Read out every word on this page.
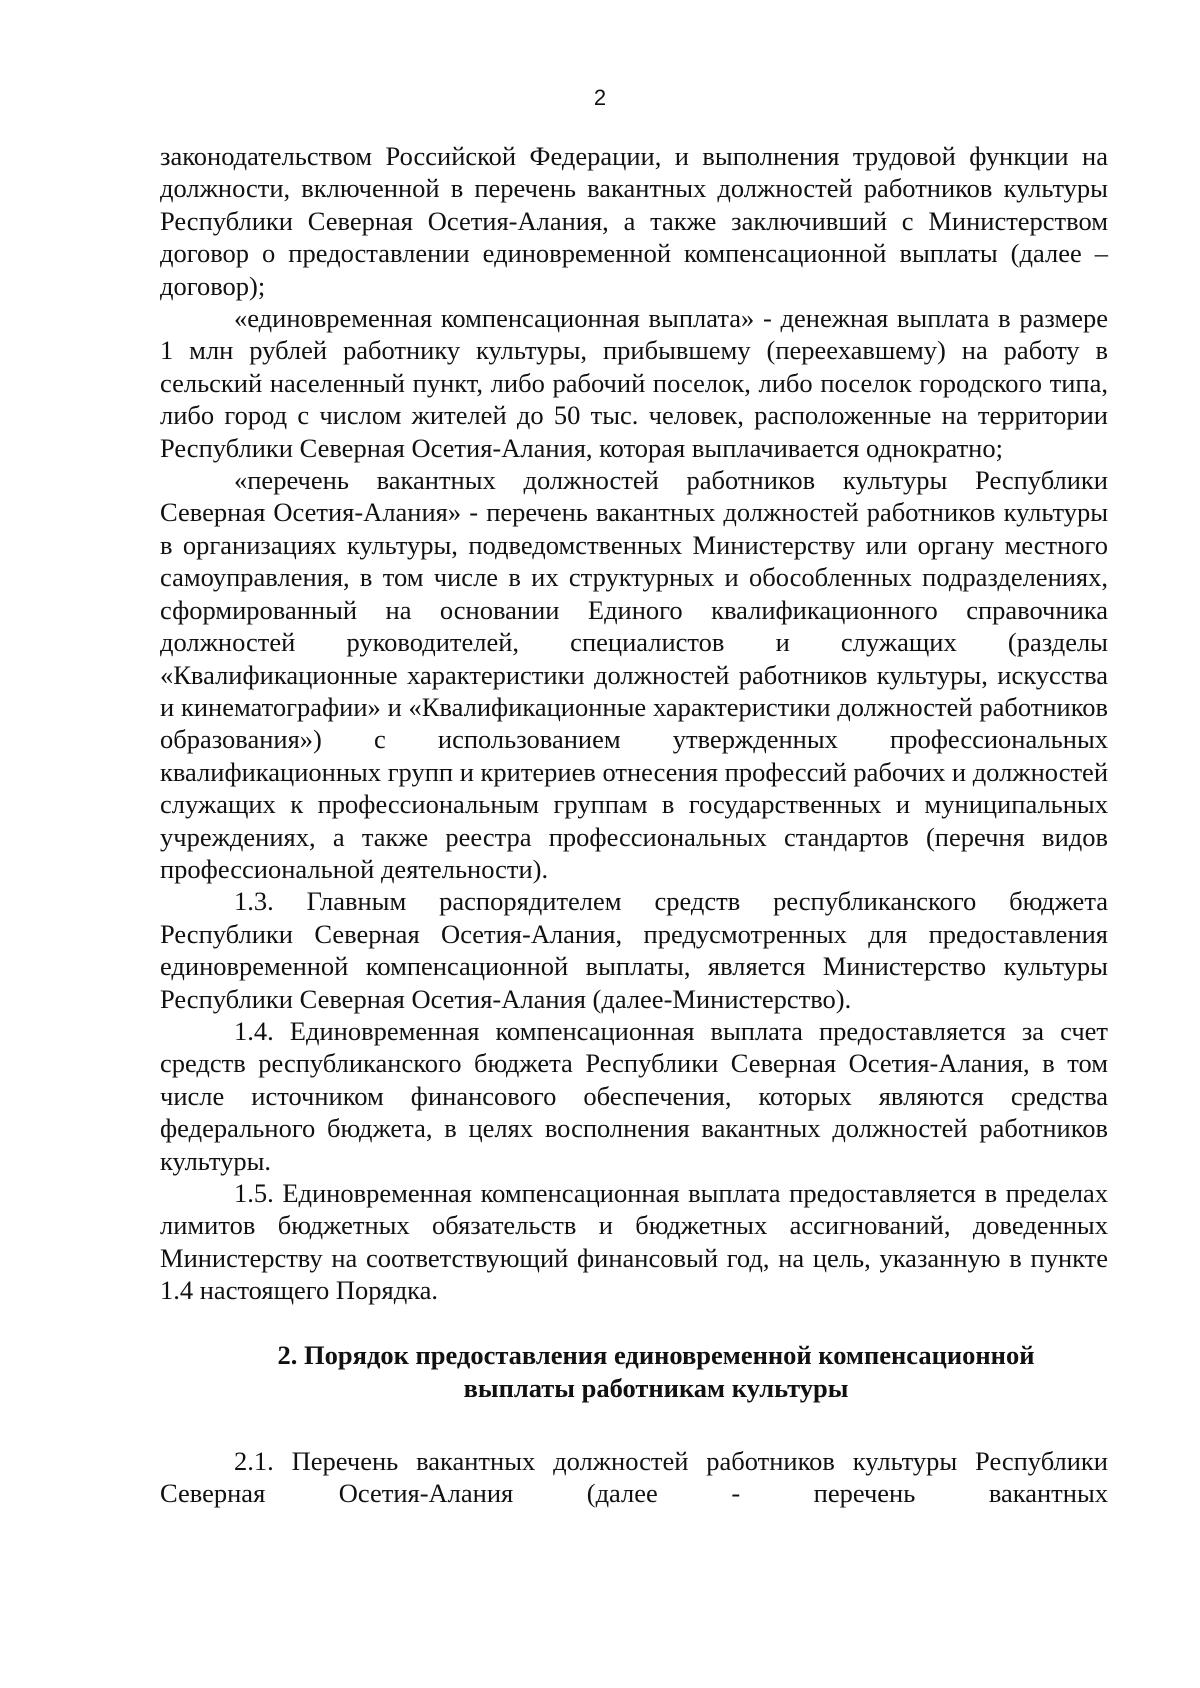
2

законодательством Российской Федерации, и выполнения трудовой функции на должности, включенной в перечень вакантных должностей работников культуры Республики Северная Осетия-Алания, а также заключивший с Министерством договор о предоставлении единовременной компенсационной выплаты (далее – договор);

«единовременная компенсационная выплата» - денежная выплата в размере 1 млн рублей работнику культуры, прибывшему (переехавшему) на работу в сельский населенный пункт, либо рабочий поселок, либо поселок городского типа, либо город с числом жителей до 50 тыс. человек, расположенные на территории Республики Северная Осетия-Алания, которая выплачивается однократно;

«перечень вакантных должностей работников культуры Республики Северная Осетия-Алания» - перечень вакантных должностей работников культуры в организациях культуры, подведомственных Министерству или органу местного самоуправления, в том числе в их структурных и обособленных подразделениях, сформированный на основании Единого квалификационного справочника должностей руководителей, специалистов и служащих (разделы «Квалификационные характеристики должностей работников культуры, искусства и кинематографии» и «Квалификационные характеристики должностей работников образования») с использованием утвержденных профессиональных квалификационных групп и критериев отнесения профессий рабочих и должностей служащих к профессиональным группам в государственных и муниципальных учреждениях, а также реестра профессиональных стандартов (перечня видов профессиональной деятельности).

1.3. Главным распорядителем средств республиканского бюджета Республики Северная Осетия-Алания, предусмотренных для предоставления единовременной компенсационной выплаты, является Министерство культуры Республики Северная Осетия-Алания (далее-Министерство).

1.4. Единовременная компенсационная выплата предоставляется за счет средств республиканского бюджета Республики Северная Осетия-Алания, в том числе источником финансового обеспечения, которых являются средства федерального бюджета, в целях восполнения вакантных должностей работников культуры.

1.5. Единовременная компенсационная выплата предоставляется в пределах лимитов бюджетных обязательств и бюджетных ассигнований, доведенных Министерству на соответствующий финансовый год, на цель, указанную в пункте 1.4 настоящего Порядка.

2. Порядок предоставления единовременной компенсационной выплаты работникам культуры

2.1. Перечень вакантных должностей работников культуры Республики Северная Осетия-Алания (далее - перечень вакантных
